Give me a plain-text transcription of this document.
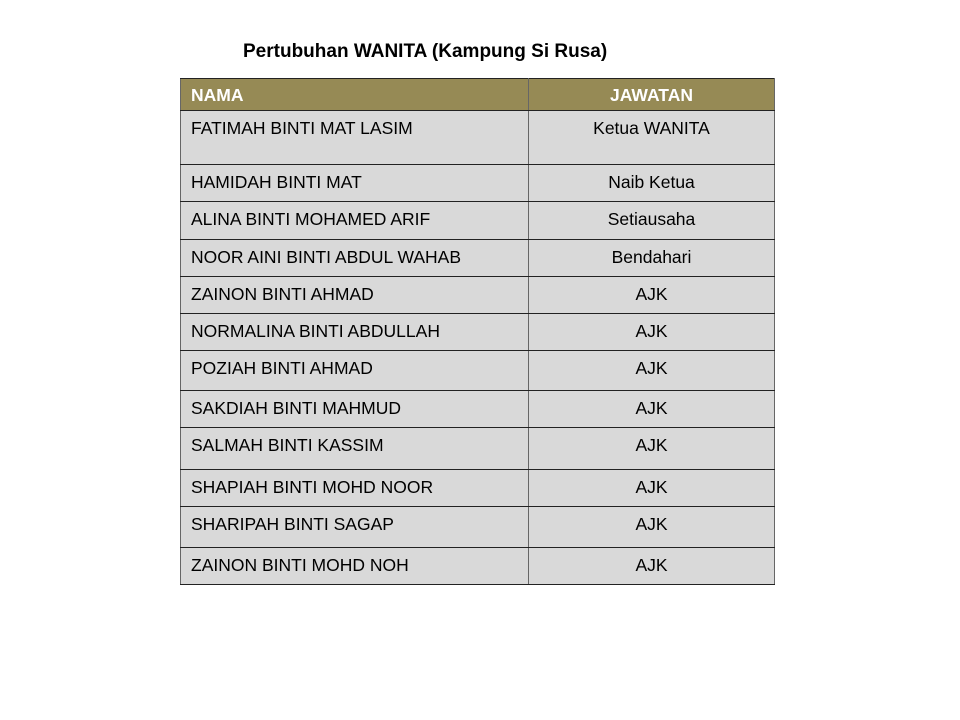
Pertubuhan WANITA (Kampung Si Rusa)
NAMA	JAWATAN
FATIMAH BINTI MAT LASIM	Ketua WANITA
HAMIDAH BINTI MAT	Naib Ketua
ALINA BINTI MOHAMED ARIF	Setiausaha
NOOR AINI BINTI ABDUL WAHAB	Bendahari
ZAINON BINTI AHMAD	AJK
NORMALINA BINTI ABDULLAH	AJK
POZIAH BINTI AHMAD	AJK
SAKDIAH BINTI MAHMUD	AJK
SALMAH BINTI KASSIM	AJK
SHAPIAH BINTI MOHD NOOR	AJK
SHARIPAH BINTI SAGAP	AJK
ZAINON BINTI MOHD NOH	AJK
